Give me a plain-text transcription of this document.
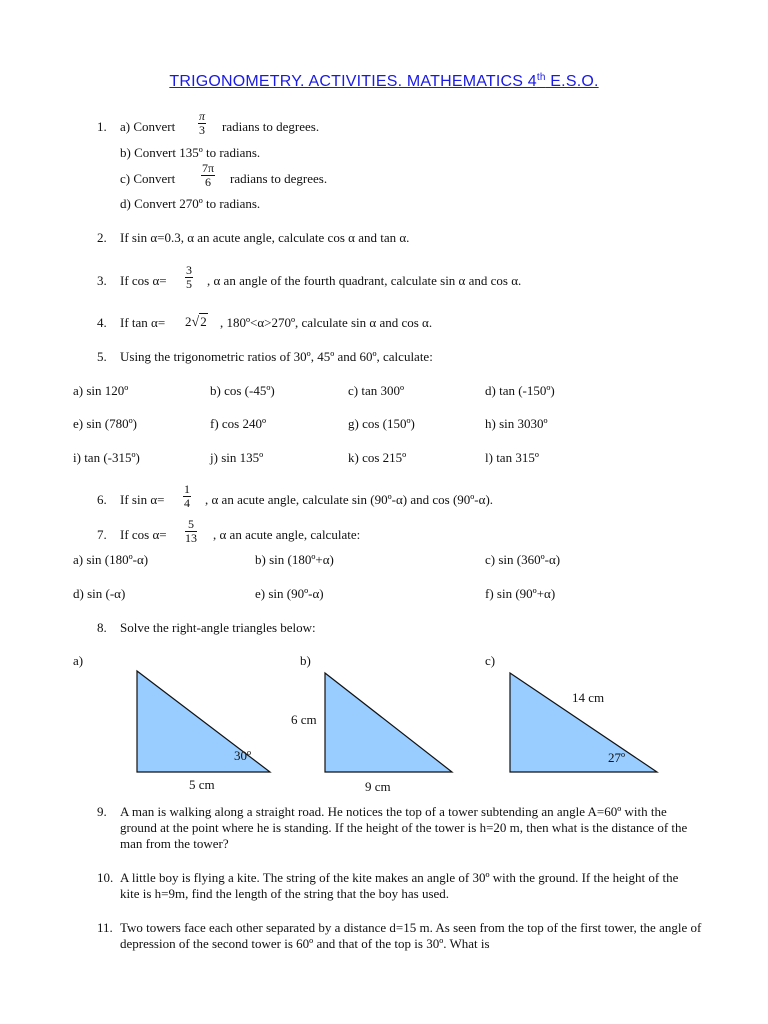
TRIGONOMETRY. ACTIVITIES. MATHEMATICS 4th E.S.O.
1. a) Convert $\frac{\pi}{3}$ radians to degrees.
b) Convert 135º to radians.
c) Convert $\frac{7\pi}{6}$ radians to degrees.
d) Convert 270º to radians.
2. If sin α=0.3, α an acute angle, calculate cos α and tan α.
3. If $\cos \alpha= \frac{3}{5}$ , α an angle of the fourth quadrant, calculate sin α and cos α.
4. If tan α= 2√2 , 180º<α>270º, calculate sin α and cos α.
5. Using the trigonometric ratios of 30º, 45º and 60º, calculate:
a) sin 120º	b) cos (-45º)	c) tan 300º	d) tan (-150º)
e) sin (780º)	f) cos 240º	g) cos (150º)	h) sin 3030º
i) tan (-315º)	j) sin 135º	k) cos 215º	l) tan 315º
6. If $\sin \alpha= \frac{1}{4}$ , α an acute angle, calculate sin (90º-α) and cos (90º-α).
7. If $\cos \alpha= \frac{5}{13}$ , α an acute angle, calculate:
a) sin (180º-α)	b) sin (180º+α)	c) sin (360º-α)
d) sin (-α)	e) sin (90º-α)	f) sin (90º+α)
8. Solve the right-angle triangles below:
a)	b)	c)
30º
5 cm
6 cm
9 cm
14 cm
27º
9. A man is walking along a straight road. He notices the top of a tower subtending an angle A=60º with the ground at the point where he is standing. If the height of the tower is h=20 m, then what is the distance of the man from the tower?
10. A little boy is flying a kite. The string of the kite makes an angle of 30º with the ground. If the height of the kite is h=9m, find the length of the string that the boy has used.
11. Two towers face each other separated by a distance d=15 m. As seen from the top of the first tower, the angle of depression of the second tower is 60º and that of the top is 30º. What is
